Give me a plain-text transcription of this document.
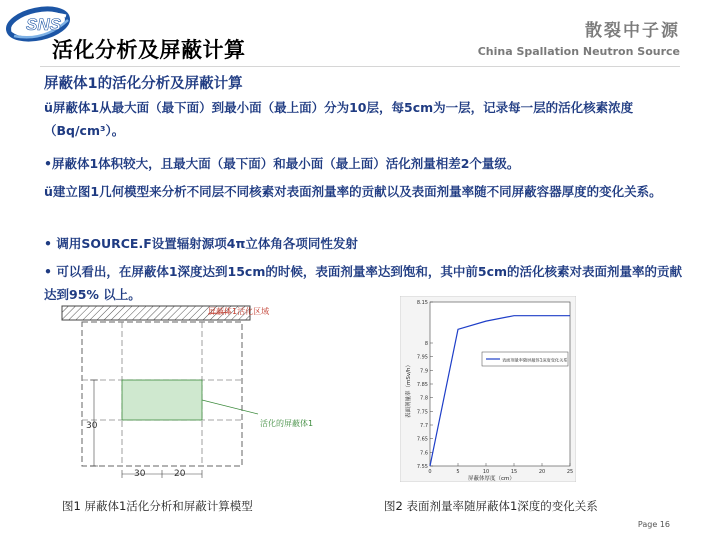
SNS
活化分析及屏蔽计算
散裂中子源
China Spallation Neutron Source
屏蔽体1的活化分析及屏蔽计算
ü屏蔽体1从最大面（最下面）到最小面（最上面）分为10层，每5cm为一层，记录每一层的活化核素浓度（Bq/cm³）。
•屏蔽体1体积较大，且最大面（最下面）和最小面（最上面）活化剂量相差2个量级。
ü建立图1几何模型来分析不同层不同核素对表面剂量率的贡献以及表面剂量率随不同屏蔽容器厚度的变化关系。
• 调用SOURCE.F设置辐射源项4π立体角各项同性发射
• 可以看出，在屏蔽体1深度达到15cm的时候，表面剂量率达到饱和，其中前5cm的活化核素对表面剂量率的贡献达到95% 以上。
屏蔽体1活化区域
活化的屏蔽体1
30
30	20
8.15
8
7.95
7.9
7.85
7.8
7.75
7.7
7.65
7.6
7.55
0	5	10	15	20	25
表面剂量率随屏蔽体1深度变化关系
屏蔽体厚度（cm）
表面剂量率（mSv/h）
图1 屏蔽体1活化分析和屏蔽计算模型	图2 表面剂量率随屏蔽体1深度的变化关系
Page 16
